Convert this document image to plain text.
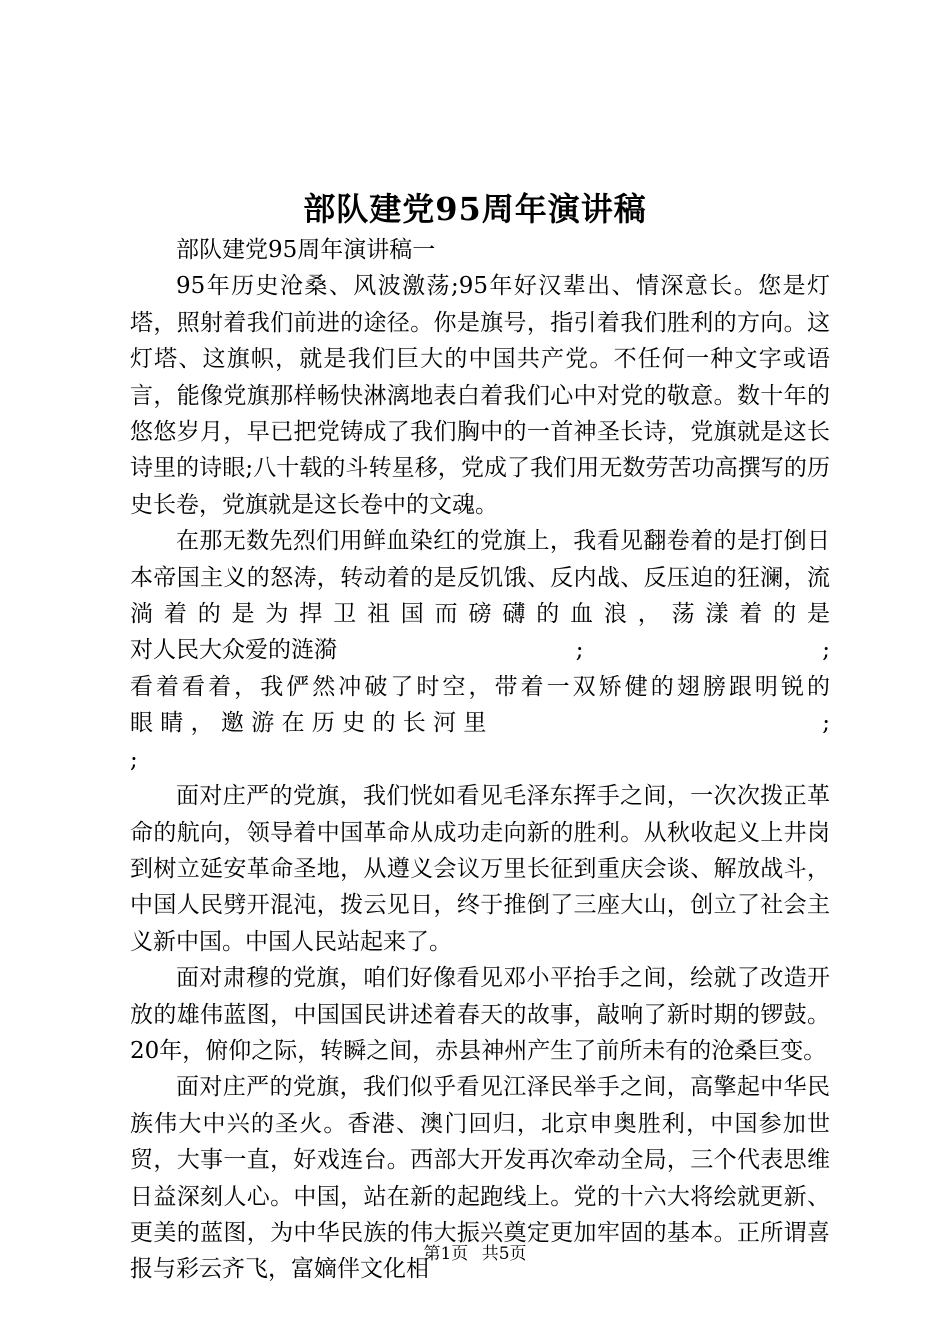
部队建党95周年演讲稿

部队建党95周年演讲稿一

95年历史沧桑、风波激荡;95年好汉辈出、情深意长。您是灯塔，照射着我们前进的途径。你是旗号，指引着我们胜利的方向。这灯塔、这旗帜，就是我们巨大的中国共产党。不任何一种文字或语言，能像党旗那样畅快淋漓地表白着我们心中对党的敬意。数十年的悠悠岁月，早已把党铸成了我们胸中的一首神圣长诗，党旗就是这长诗里的诗眼;八十载的斗转星移，党成了我们用无数劳苦功高撰写的历史长卷，党旗就是这长卷中的文魂。

在那无数先烈们用鲜血染红的党旗上，我看见翻卷着的是打倒日本帝国主义的怒涛，转动着的是反饥饿、反内战、反压迫的狂澜，流淌着的是为捍卫祖国而磅礴的血浪，荡漾着的是

对人民大众爱的涟漪	;	;

看着看着，我俨然冲破了时空，带着一双矫健的翅膀跟明锐的

眼 睛 ， 邀 游 在 历 史 的 长 河 里	;

;

面对庄严的党旗，我们恍如看见毛泽东挥手之间，一次次拨正革命的航向，领导着中国革命从成功走向新的胜利。从秋收起义上井岗到树立延安革命圣地，从遵义会议万里长征到重庆会谈、解放战斗，中国人民劈开混沌，拨云见日，终于推倒了三座大山，创立了社会主义新中国。中国人民站起来了。

面对肃穆的党旗，咱们好像看见邓小平抬手之间，绘就了改造开放的雄伟蓝图，中国国民讲述着春天的故事，敲响了新时期的锣鼓。20年，俯仰之际，转瞬之间，赤县神州产生了前所未有的沧桑巨变。

面对庄严的党旗，我们似乎看见江泽民举手之间，高擎起中华民族伟大中兴的圣火。香港、澳门回归，北京申奥胜利，中国参加世贸，大事一直，好戏连台。西部大开发再次牵动全局，三个代表思维日益深刻人心。中国，站在新的起跑线上。党的十六大将绘就更新、更美的蓝图，为中华民族的伟大振兴奠定更加牢固的基本。正所谓喜报与彩云齐飞，富嫡伴文化相

第1页 共5页
